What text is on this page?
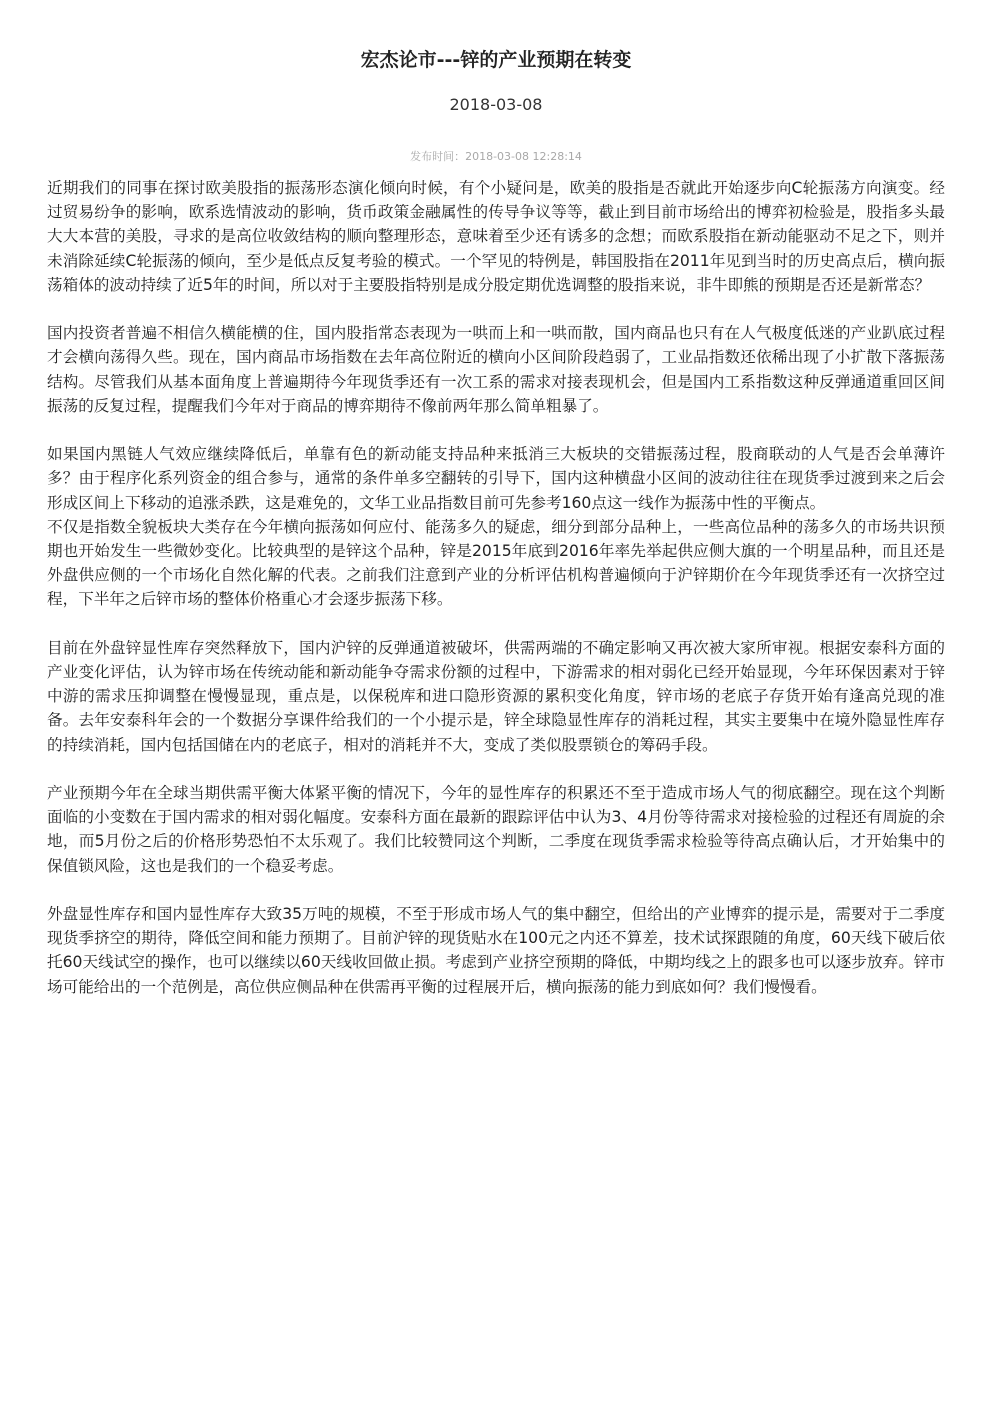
宏杰论市---锌的产业预期在转变
2018-03-08
发布时间：2018-03-08 12:28:14

近期我们的同事在探讨欧美股指的振荡形态演化倾向时候，有个小疑问是，欧美的股指是否就此开始逐步向C轮振荡方向演变。经过贸易纷争的影响，欧系选情波动的影响，货币政策金融属性的传导争议等等，截止到目前市场给出的博弈初检验是，股指多头最大大本营的美股，寻求的是高位收敛结构的顺向整理形态，意味着至少还有诱多的念想；而欧系股指在新动能驱动不足之下，则并未消除延续C轮振荡的倾向，至少是低点反复考验的模式。一个罕见的特例是，韩国股指在2011年见到当时的历史高点后，横向振荡箱体的波动持续了近5年的时间，所以对于主要股指特别是成分股定期优选调整的股指来说，非牛即熊的预期是否还是新常态？

国内投资者普遍不相信久横能横的住，国内股指常态表现为一哄而上和一哄而散，国内商品也只有在人气极度低迷的产业趴底过程才会横向荡得久些。现在，国内商品市场指数在去年高位附近的横向小区间阶段趋弱了，工业品指数还依稀出现了小扩散下落振荡结构。尽管我们从基本面角度上普遍期待今年现货季还有一次工系的需求对接表现机会，但是国内工系指数这种反弹通道重回区间振荡的反复过程，提醒我们今年对于商品的博弈期待不像前两年那么简单粗暴了。

如果国内黑链人气效应继续降低后，单靠有色的新动能支持品种来抵消三大板块的交错振荡过程，股商联动的人气是否会单薄许多？由于程序化系列资金的组合参与，通常的条件单多空翻转的引导下，国内这种横盘小区间的波动往往在现货季过渡到来之后会形成区间上下移动的追涨杀跌，这是难免的，文华工业品指数目前可先参考160点这一线作为振荡中性的平衡点。

不仅是指数全貌板块大类存在今年横向振荡如何应付、能荡多久的疑虑，细分到部分品种上，一些高位品种的荡多久的市场共识预期也开始发生一些微妙变化。比较典型的是锌这个品种，锌是2015年底到2016年率先举起供应侧大旗的一个明星品种，而且还是外盘供应侧的一个市场化自然化解的代表。之前我们注意到产业的分析评估机构普遍倾向于沪锌期价在今年现货季还有一次挤空过程，下半年之后锌市场的整体价格重心才会逐步振荡下移。

目前在外盘锌显性库存突然释放下，国内沪锌的反弹通道被破坏，供需两端的不确定影响又再次被大家所审视。根据安泰科方面的产业变化评估，认为锌市场在传统动能和新动能争夺需求份额的过程中，下游需求的相对弱化已经开始显现，今年环保因素对于锌中游的需求压抑调整在慢慢显现，重点是，以保税库和进口隐形资源的累积变化角度，锌市场的老底子存货开始有逢高兑现的准备。去年安泰科年会的一个数据分享课件给我们的一个小提示是，锌全球隐显性库存的消耗过程，其实主要集中在境外隐显性库存的持续消耗，国内包括国储在内的老底子，相对的消耗并不大，变成了类似股票锁仓的筹码手段。

产业预期今年在全球当期供需平衡大体紧平衡的情况下，今年的显性库存的积累还不至于造成市场人气的彻底翻空。现在这个判断面临的小变数在于国内需求的相对弱化幅度。安泰科方面在最新的跟踪评估中认为3、4月份等待需求对接检验的过程还有周旋的余地，而5月份之后的价格形势恐怕不太乐观了。我们比较赞同这个判断，二季度在现货季需求检验等待高点确认后，才开始集中的保值锁风险，这也是我们的一个稳妥考虑。

外盘显性库存和国内显性库存大致35万吨的规模，不至于形成市场人气的集中翻空，但给出的产业博弈的提示是，需要对于二季度现货季挤空的期待，降低空间和能力预期了。目前沪锌的现货贴水在100元之内还不算差，技术试探跟随的角度，60天线下破后依托60天线试空的操作，也可以继续以60天线收回做止损。考虑到产业挤空预期的降低，中期均线之上的跟多也可以逐步放弃。锌市场可能给出的一个范例是，高位供应侧品种在供需再平衡的过程展开后，横向振荡的能力到底如何？我们慢慢看。
